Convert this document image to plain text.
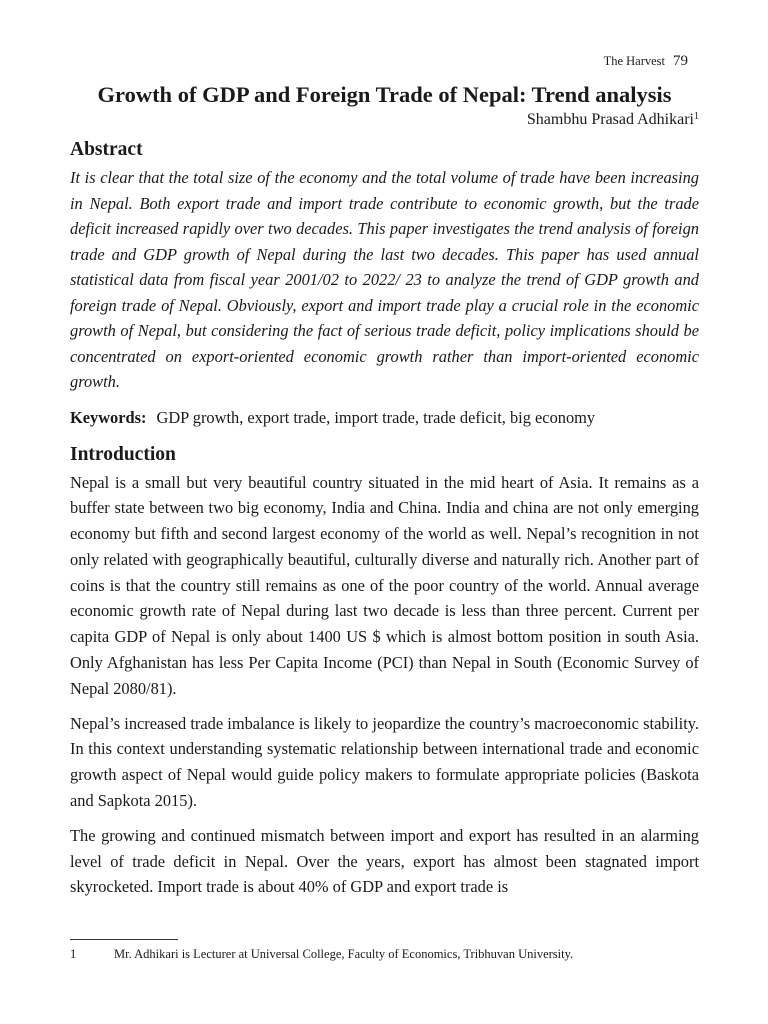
The Harvest 79
Growth of GDP and Foreign Trade of Nepal: Trend analysis
Shambhu Prasad Adhikari$^1$
Abstract

It is clear that the total size of the economy and the total volume of trade have been increasing in Nepal. Both export trade and import trade contribute to economic growth, but the trade deficit increased rapidly over two decades. This paper investigates the trend analysis of foreign trade and GDP growth of Nepal during the last two decades. This paper has used annual statistical data from fiscal year 2001/02 to 2022/ 23 to analyze the trend of GDP growth and foreign trade of Nepal. Obviously, export and import trade play a crucial role in the economic growth of Nepal, but considering the fact of serious trade deficit, policy implications should be concentrated on export-oriented economic growth rather than import-oriented economic growth.

Keywords: GDP growth, export trade, import trade, trade deficit, big economy

Introduction

Nepal is a small but very beautiful country situated in the mid heart of Asia. It remains as a buffer state between two big economy, India and China. India and china are not only emerging economy but fifth and second largest economy of the world as well. Nepal’s recognition in not only related with geographically beautiful, culturally diverse and naturally rich. Another part of coins is that the country still remains as one of the poor country of the world. Annual average economic growth rate of Nepal during last two decade is less than three percent. Current per capita GDP of Nepal is only about 1400 US $ which is almost bottom position in south Asia. Only Afghanistan has less Per Capita Income (PCI) than Nepal in South (Economic Survey of Nepal 2080/81).

Nepal’s increased trade imbalance is likely to jeopardize the country’s macroeconomic stability. In this context understanding systematic relationship between international trade and economic growth aspect of Nepal would guide policy makers to formulate appropriate policies (Baskota and Sapkota 2015).

The growing and continued mismatch between import and export has resulted in an alarming level of trade deficit in Nepal. Over the years, export has almost been stagnated import skyrocketed. Import trade is about 40% of GDP and export trade is

1	Mr. Adhikari is Lecturer at Universal College, Faculty of Economics, Tribhuvan University.
